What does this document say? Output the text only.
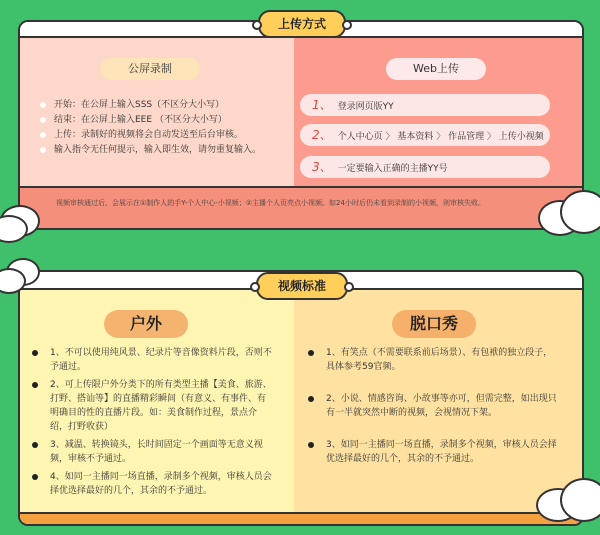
上传方式
公屏录制	Web上传
开始：在公屏上输入SSS（不区分大小写）
结束：在公屏上输入EEE （不区分大小写）
上传：录制好的视频将会自动发送至后台审核。
输入指令无任何提示，输入即生效，请勿重复输入。
1、 登录网页版YY
2、 个人中心页 〉 基本资料 〉 作品管理 〉 上传小视频
3、 一定要输入正确的主播YY号
视频审核通过后，会展示在①制作人的手Y-个人中心-小视频；②主播个人页亮点小视频。如24小时后仍未看到录制的小视频，则审核失败。
视频标准
户外	脱口秀
1、不可以使用纯风景、纪录片等音像资料片段，否则不予通过。
2、可上传限户外分类下的所有类型主播【美食、旅游、打野、搭讪等】的直播精彩瞬间（有意义、有事件、有明确目的性的直播片段。如：美食制作过程，景点介绍，打野收获）
3、减温、转换镜头，长时间固定一个画面等无意义视频，审核不予通过。
4、如同一主播同一场直播，录制多个视频，审核人员会择优选择最好的几个，其余的不予通过。
1、有笑点（不需要联系前后场景）、有包袱的独立段子，具体参考59官频。
2、小说、情感咨询、小故事等亦可，但需完整，如出现只有一半就突然中断的视频，会视情况下架。
3、如同一主播同一场直播，录制多个视频，审核人员会择优选择最好的几个，其余的不予通过。
